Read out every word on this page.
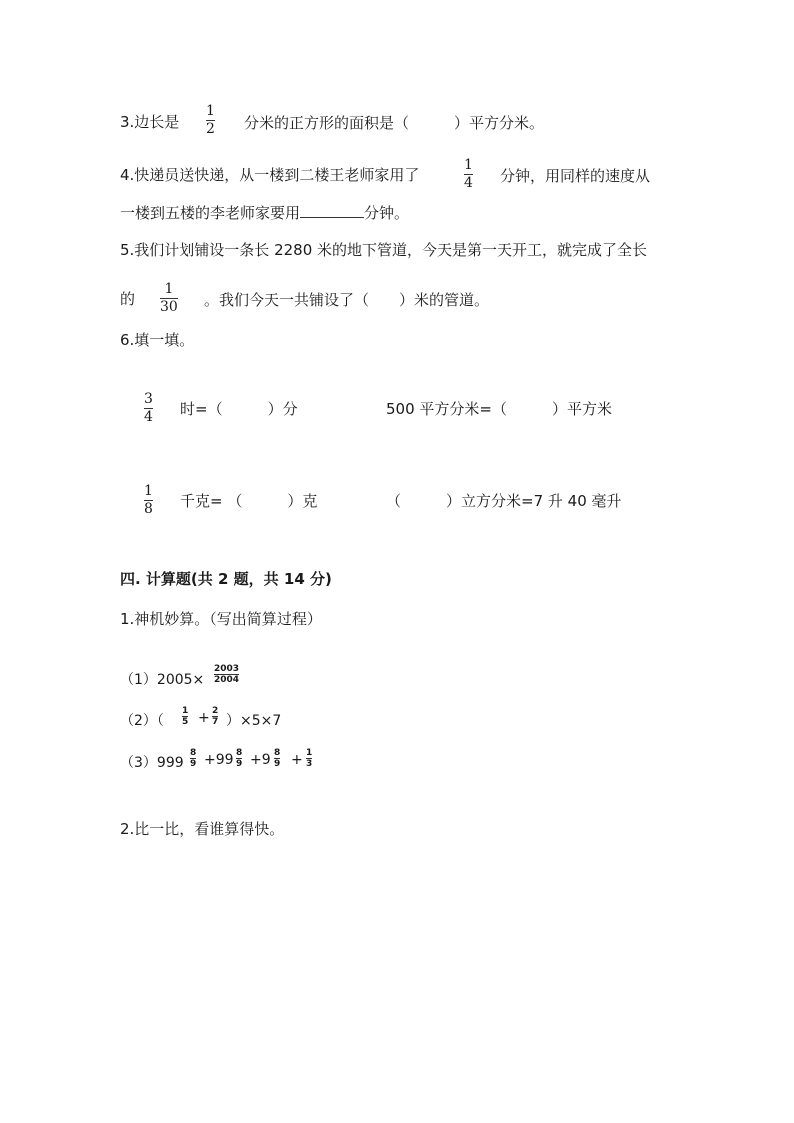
3.边长是
1
2 分米的正方形的面积是（　　　）平方分米。
4.快递员送快递，从一楼到二楼王老师家用了
1
4 分钟，用同样的速度从
一楼到五楼的李老师家要用	分钟。
5.我们计划铺设一条长 2280 米的地下管道，今天是第一天开工，就完成了全长
的
1
30 。我们今天一共铺设了（　　）米的管道。
6.填一填。
3
4 时=（　　　）分	500 平方分米=（　　　）平方米
1
8 千克= （　　　）克	（　　　）立方分米=7 升 40 毫升
四. 计算题(共 2 题，共 14 分)
1.神机妙算。（写出简算过程）
（1）2005×
2003
2004
（2）（
1
5 + 2
7 ）×5×7
（3）999
8
9 +99 8
9 +9 8
9 + 1
3
2.比一比，看谁算得快。
